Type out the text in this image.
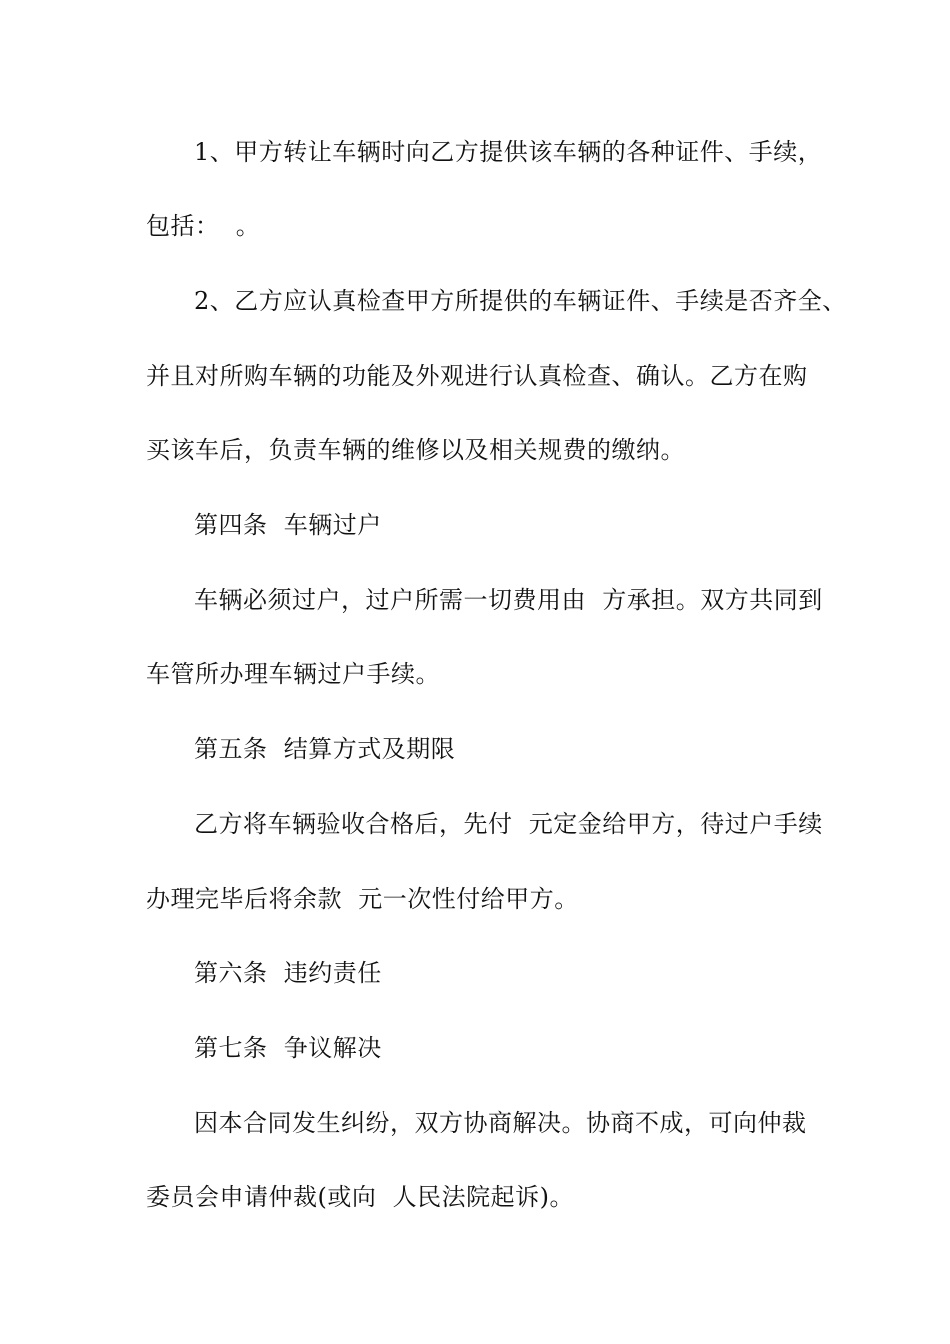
1、甲方转让车辆时向乙方提供该车辆的各种证件、手续，
包括：  。
2、乙方应认真检查甲方所提供的车辆证件、手续是否齐全、
并且对所购车辆的功能及外观进行认真检查、确认。乙方在购
买该车后，负责车辆的维修以及相关规费的缴纳。
第四条  车辆过户
车辆必须过户，过户所需一切费用由  方承担。双方共同到
车管所办理车辆过户手续。
第五条  结算方式及期限
乙方将车辆验收合格后，先付  元定金给甲方，待过户手续
办理完毕后将余款  元一次性付给甲方。
第六条  违约责任
第七条  争议解决
因本合同发生纠纷，双方协商解决。协商不成，可向仲裁
委员会申请仲裁(或向  人民法院起诉)。
